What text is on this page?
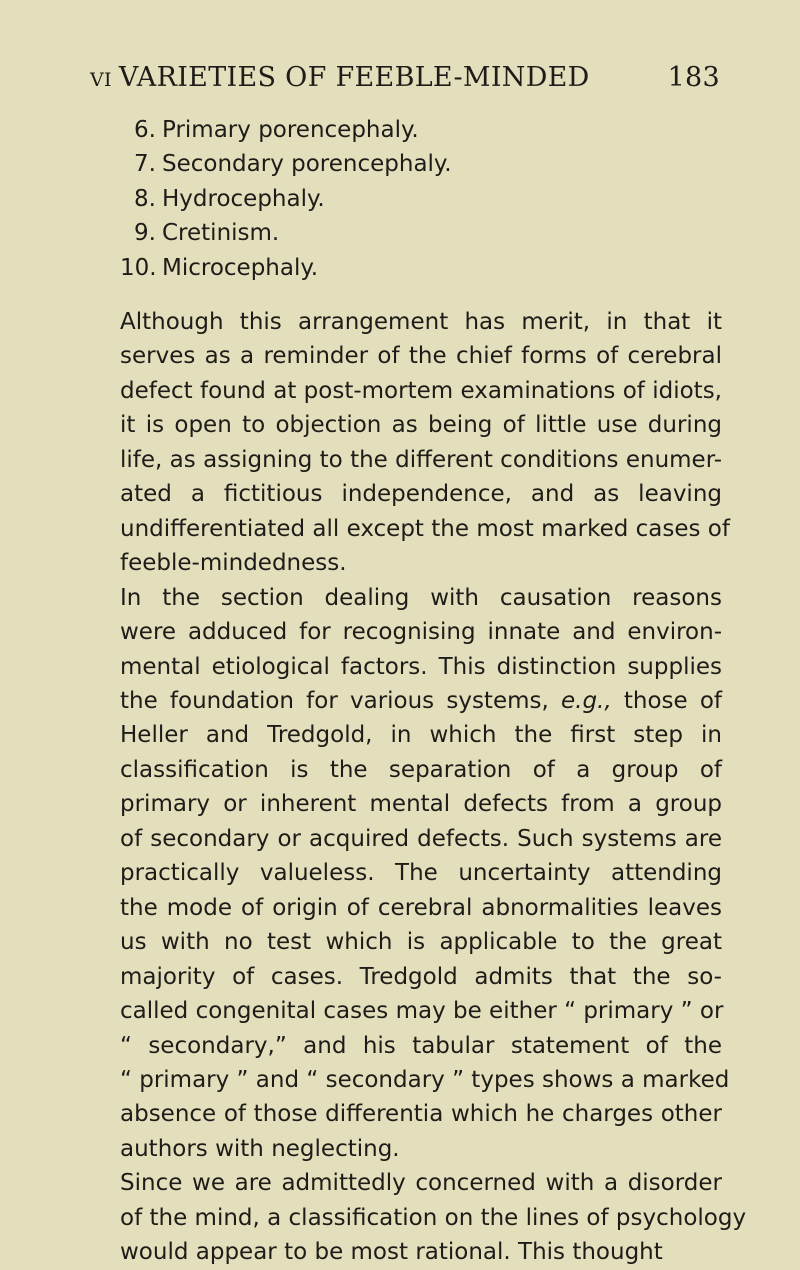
VI VARIETIES OF FEEBLE-MINDED	183
6. Primary porencephaly.
7. Secondary porencephaly.
8. Hydrocephaly.
9. Cretinism.
10. Microcephaly.

Although this arrangement has merit, in that it
serves as a reminder of the chief forms of cerebral
defect found at post-mortem examinations of idiots,
it is open to objection as being of little use during
life, as assigning to the different conditions enumer-
ated a fictitious independence, and as leaving
undifferentiated all except the most marked cases of
feeble-mindedness.

In the section dealing with causation reasons
were adduced for recognising innate and environ-
mental etiological factors. This distinction supplies
the foundation for various systems, e.g., those of
Heller and Tredgold, in which the first step in
classification is the separation of a group of
primary or inherent mental defects from a group
of secondary or acquired defects. Such systems are
practically valueless. The uncertainty attending
the mode of origin of cerebral abnormalities leaves
us with no test which is applicable to the great
majority of cases. Tredgold admits that the so-
called congenital cases may be either “ primary ” or
“ secondary,” and his tabular statement of the
“ primary ” and “ secondary ” types shows a marked
absence of those differentia which he charges other
authors with neglecting.

Since we are admittedly concerned with a disorder
of the mind, a classification on the lines of psychology
would appear to be most rational. This thought
